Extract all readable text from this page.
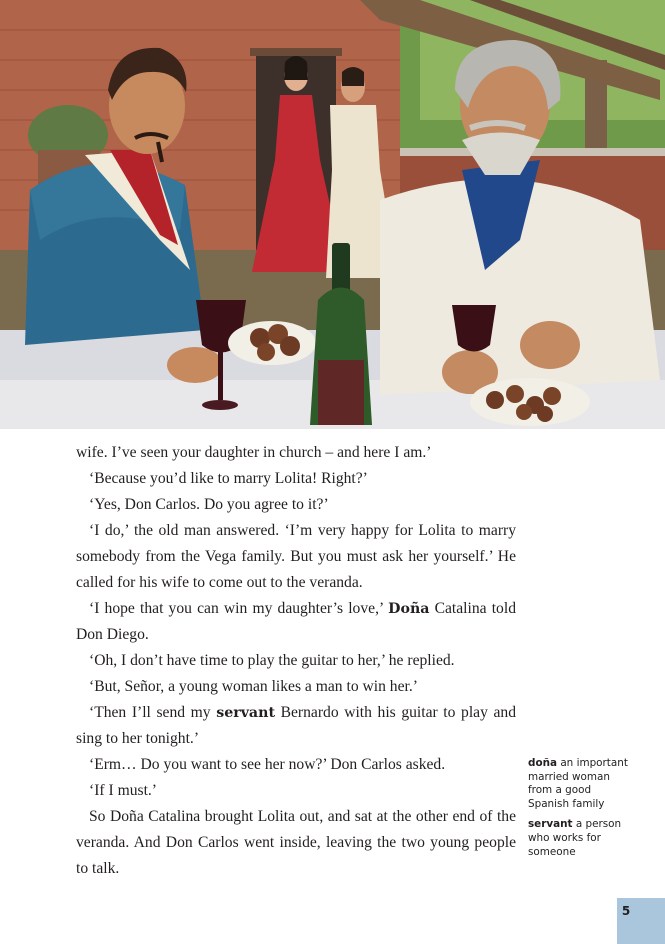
wife. I’ve seen your daughter in church – and here I am.’

‘Because you’d like to marry Lolita! Right?’

‘Yes, Don Carlos. Do you agree to it?’

‘I do,’ the old man answered. ‘I’m very happy for Lolita to marry somebody from the Vega family. But you must ask her yourself.’ He called for his wife to come out to the veranda.

‘I hope that you can win my daughter’s love,’ Doña Catalina told Don Diego.

‘Oh, I don’t have time to play the guitar to her,’ he replied.

‘But, Señor, a young woman likes a man to win her.’

‘Then I’ll send my servant Bernardo with his guitar to play and sing to her tonight.’

‘Erm… Do you want to see her now?’ Don Carlos asked.

‘If I must.’

So Doña Catalina brought Lolita out, and sat at the other end of the veranda. And Don Carlos went inside, leaving the two young people to talk.

doña an important married woman from a good Spanish family
servant a person who works for someone
5
